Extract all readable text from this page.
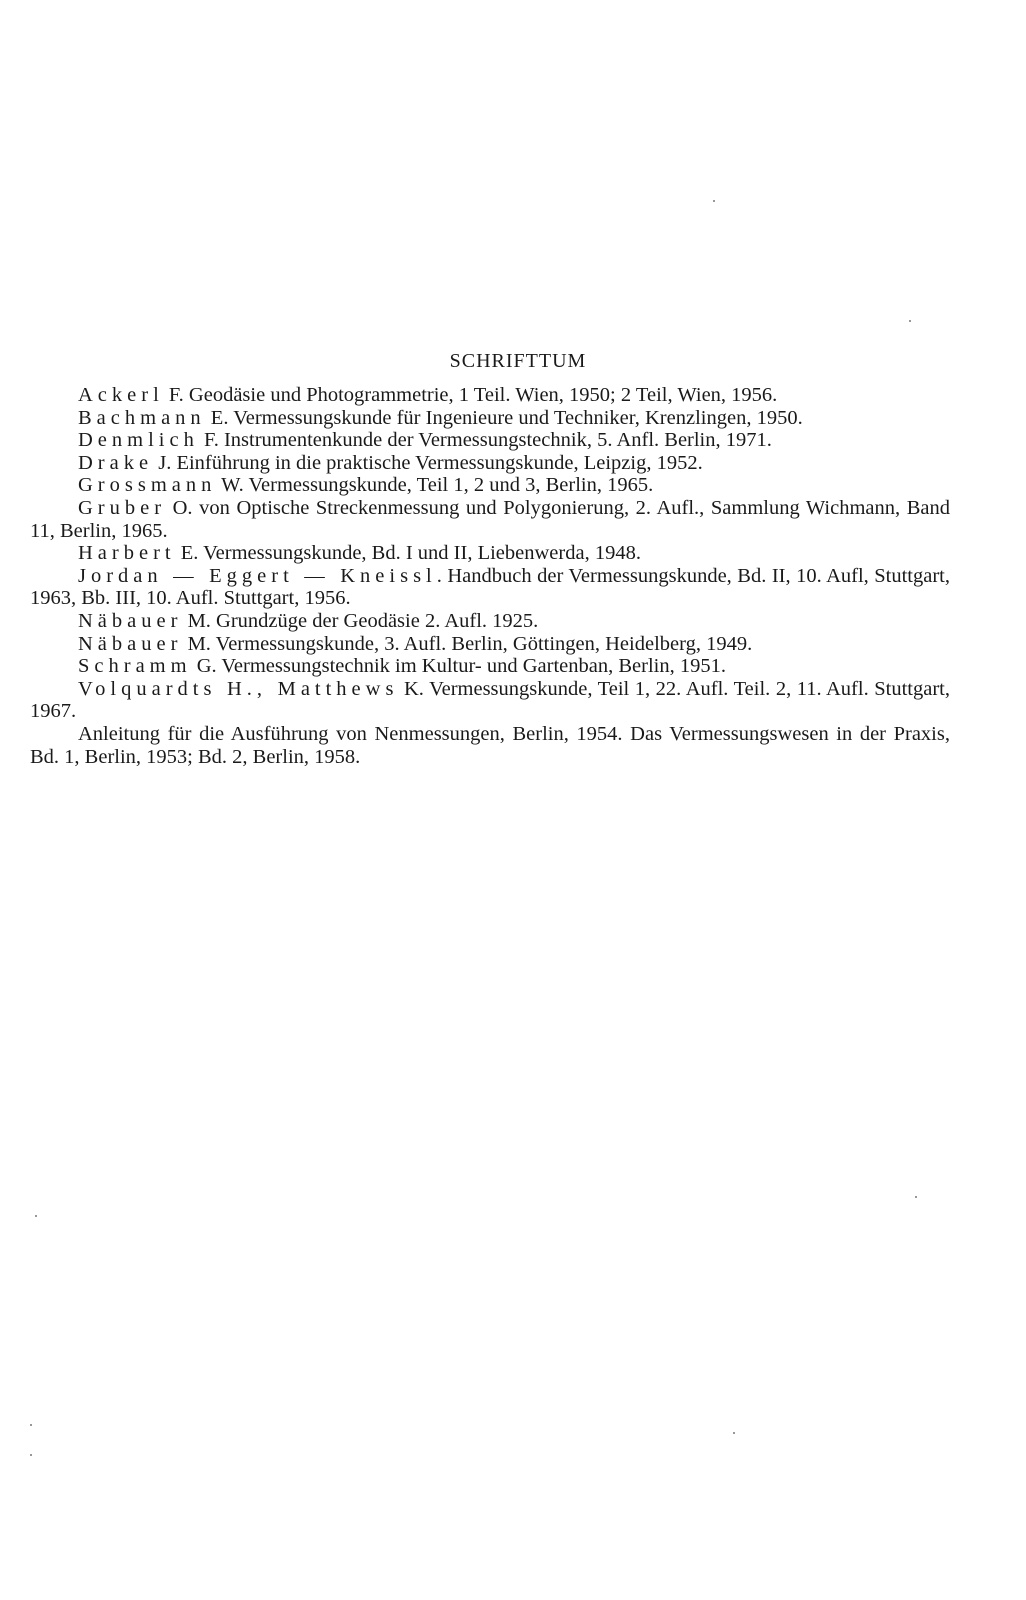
SCHRIFTTUM

Ackerl F. Geodäsie und Photogrammetrie, 1 Teil. Wien, 1950; 2 Teil, Wien, 1956.

Bachmann E. Vermessungskunde für Ingenieure und Techniker, Krenzlingen, 1950.

Denmlich F. Instrumentenkunde der Vermessungstechnik, 5. Anfl. Berlin, 1971.

Drake J. Einführung in die praktische Vermessungskunde, Leipzig, 1952.

Grossmann W. Vermessungskunde, Teil 1, 2 und 3, Berlin, 1965.

Gruber O. von Optische Streckenmessung und Polygonierung, 2. Aufl., Sammlung Wichmann, Band 11, Berlin, 1965.

Harbert E. Vermessungskunde, Bd. I und II, Liebenwerda, 1948.

Jordan — Eggert — Kneissl. Handbuch der Vermessungskunde, Bd. II, 10. Aufl, Stuttgart, 1963, Bb. III, 10. Aufl. Stuttgart, 1956.

Näbauer M. Grundzüge der Geodäsie 2. Aufl. 1925.

Näbauer M. Vermessungskunde, 3. Aufl. Berlin, Göttingen, Heidelberg, 1949.

Schramm G. Vermessungstechnik im Kultur- und Gartenban, Berlin, 1951.

Volquardts H., Matthews K. Vermessungskunde, Teil 1, 22. Aufl. Teil. 2, 11. Aufl. Stuttgart, 1967.

Anleitung für die Ausführung von Nenmessungen, Berlin, 1954. Das Vermessungswesen in der Praxis, Bd. 1, Berlin, 1953; Bd. 2, Berlin, 1958.
